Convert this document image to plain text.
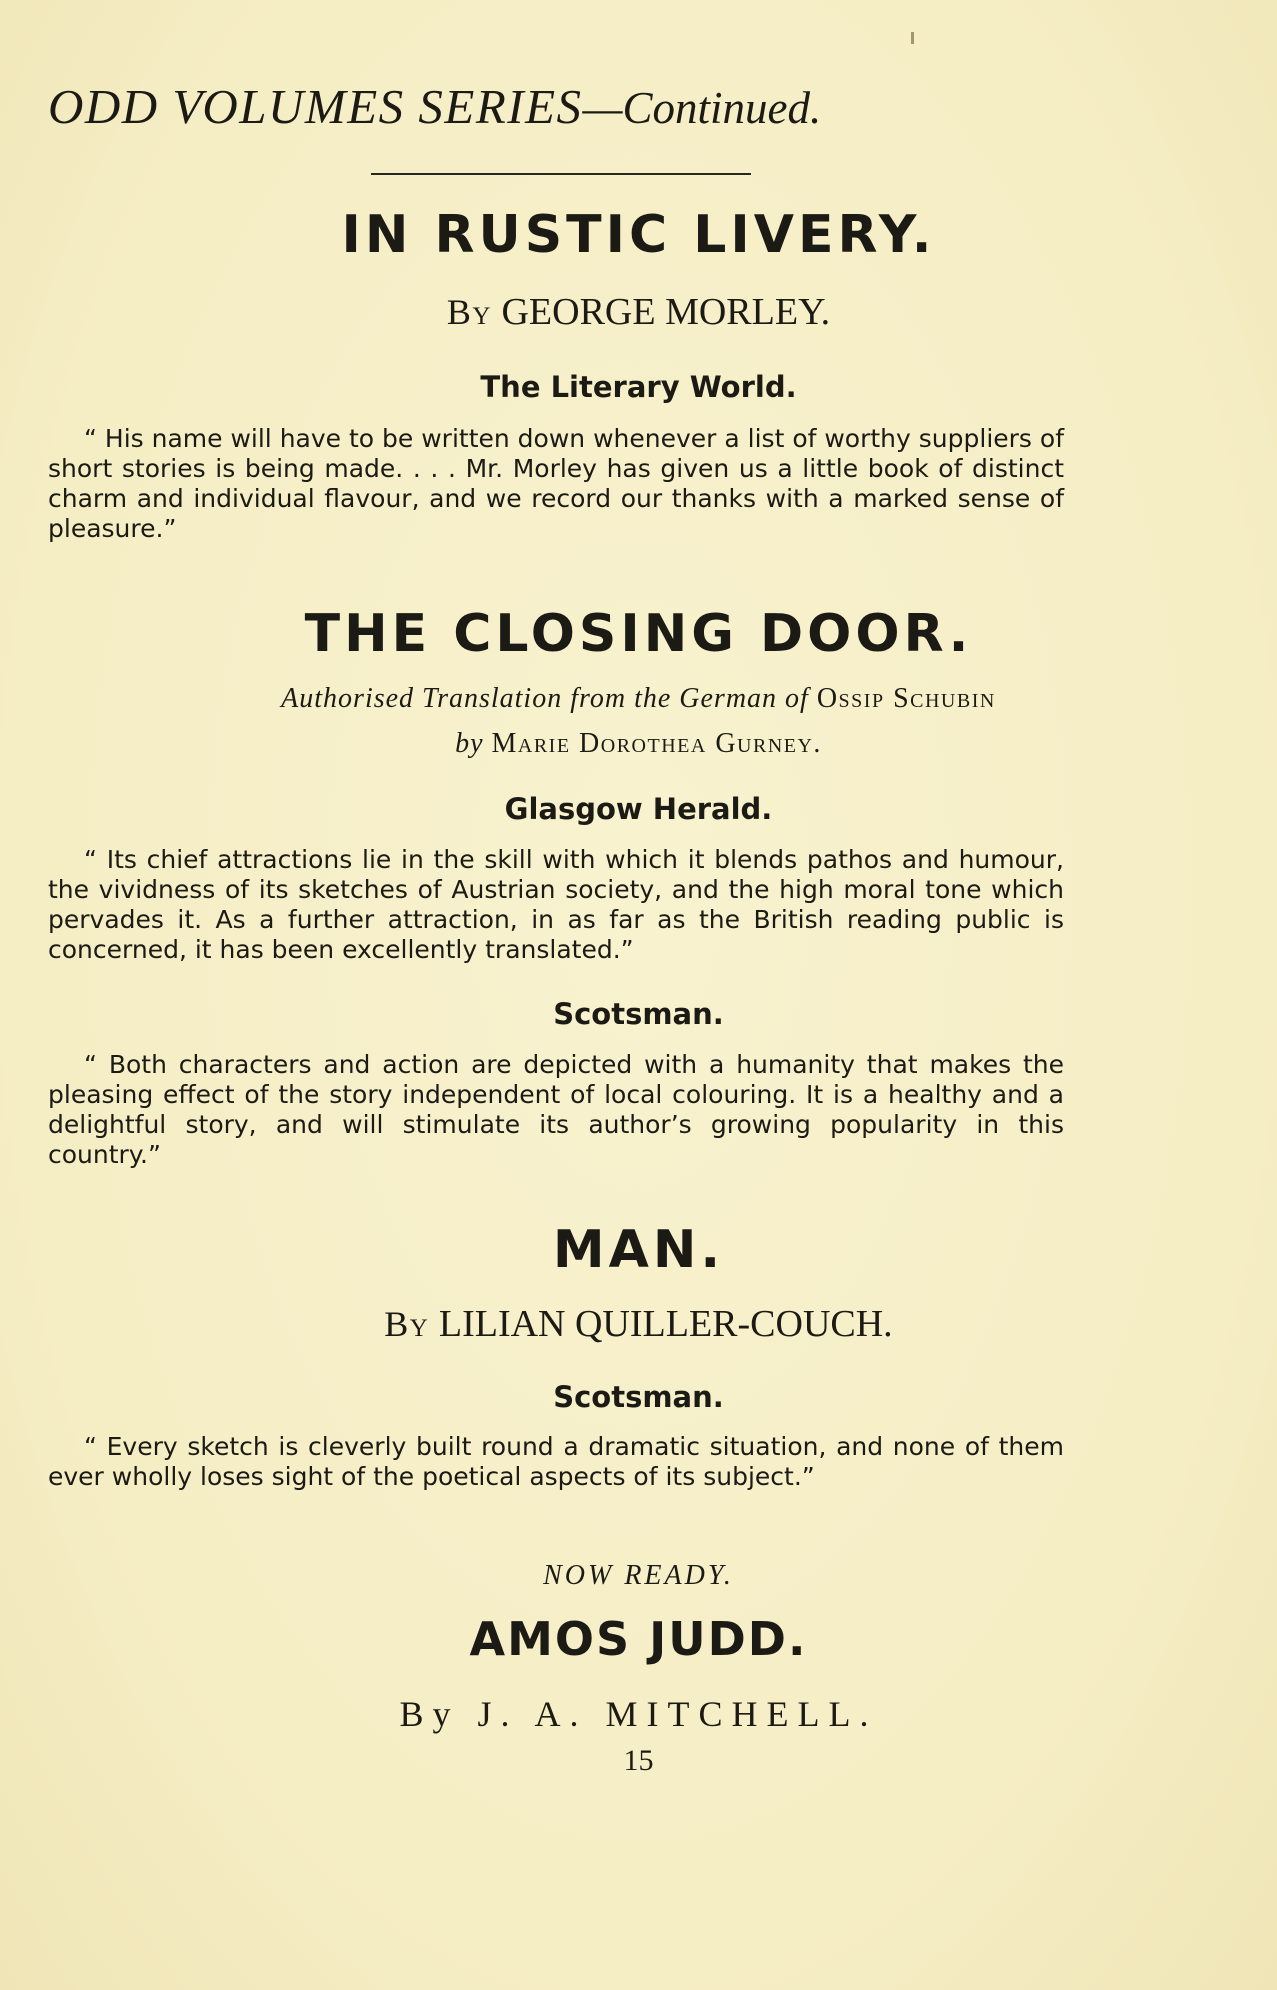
ODD VOLUMES SERIES—Continued.
IN RUSTIC LIVERY.
By GEORGE MORLEY.
The Literary World.
“ His name will have to be written down whenever a list of worthy suppliers of short stories is being made. . . . Mr. Morley has given us a little book of distinct charm and individual flavour, and we record our thanks with a marked sense of pleasure.”
THE CLOSING DOOR.
Authorised Translation from the German of Ossip Schubin
by Marie Dorothea Gurney.
Glasgow Herald.
“ Its chief attractions lie in the skill with which it blends pathos and humour, the vividness of its sketches of Austrian society, and the high moral tone which pervades it. As a further attraction, in as far as the British reading public is concerned, it has been excellently translated.”
Scotsman.
“ Both characters and action are depicted with a humanity that makes the pleasing effect of the story independent of local colouring. It is a healthy and a delightful story, and will stimulate its author’s growing popularity in this country.”
MAN.
By LILIAN QUILLER-COUCH.
Scotsman.
“ Every sketch is cleverly built round a dramatic situation, and none of them ever wholly loses sight of the poetical aspects of its subject.”
NOW READY.
AMOS JUDD.
By J. A. MITCHELL.
15
